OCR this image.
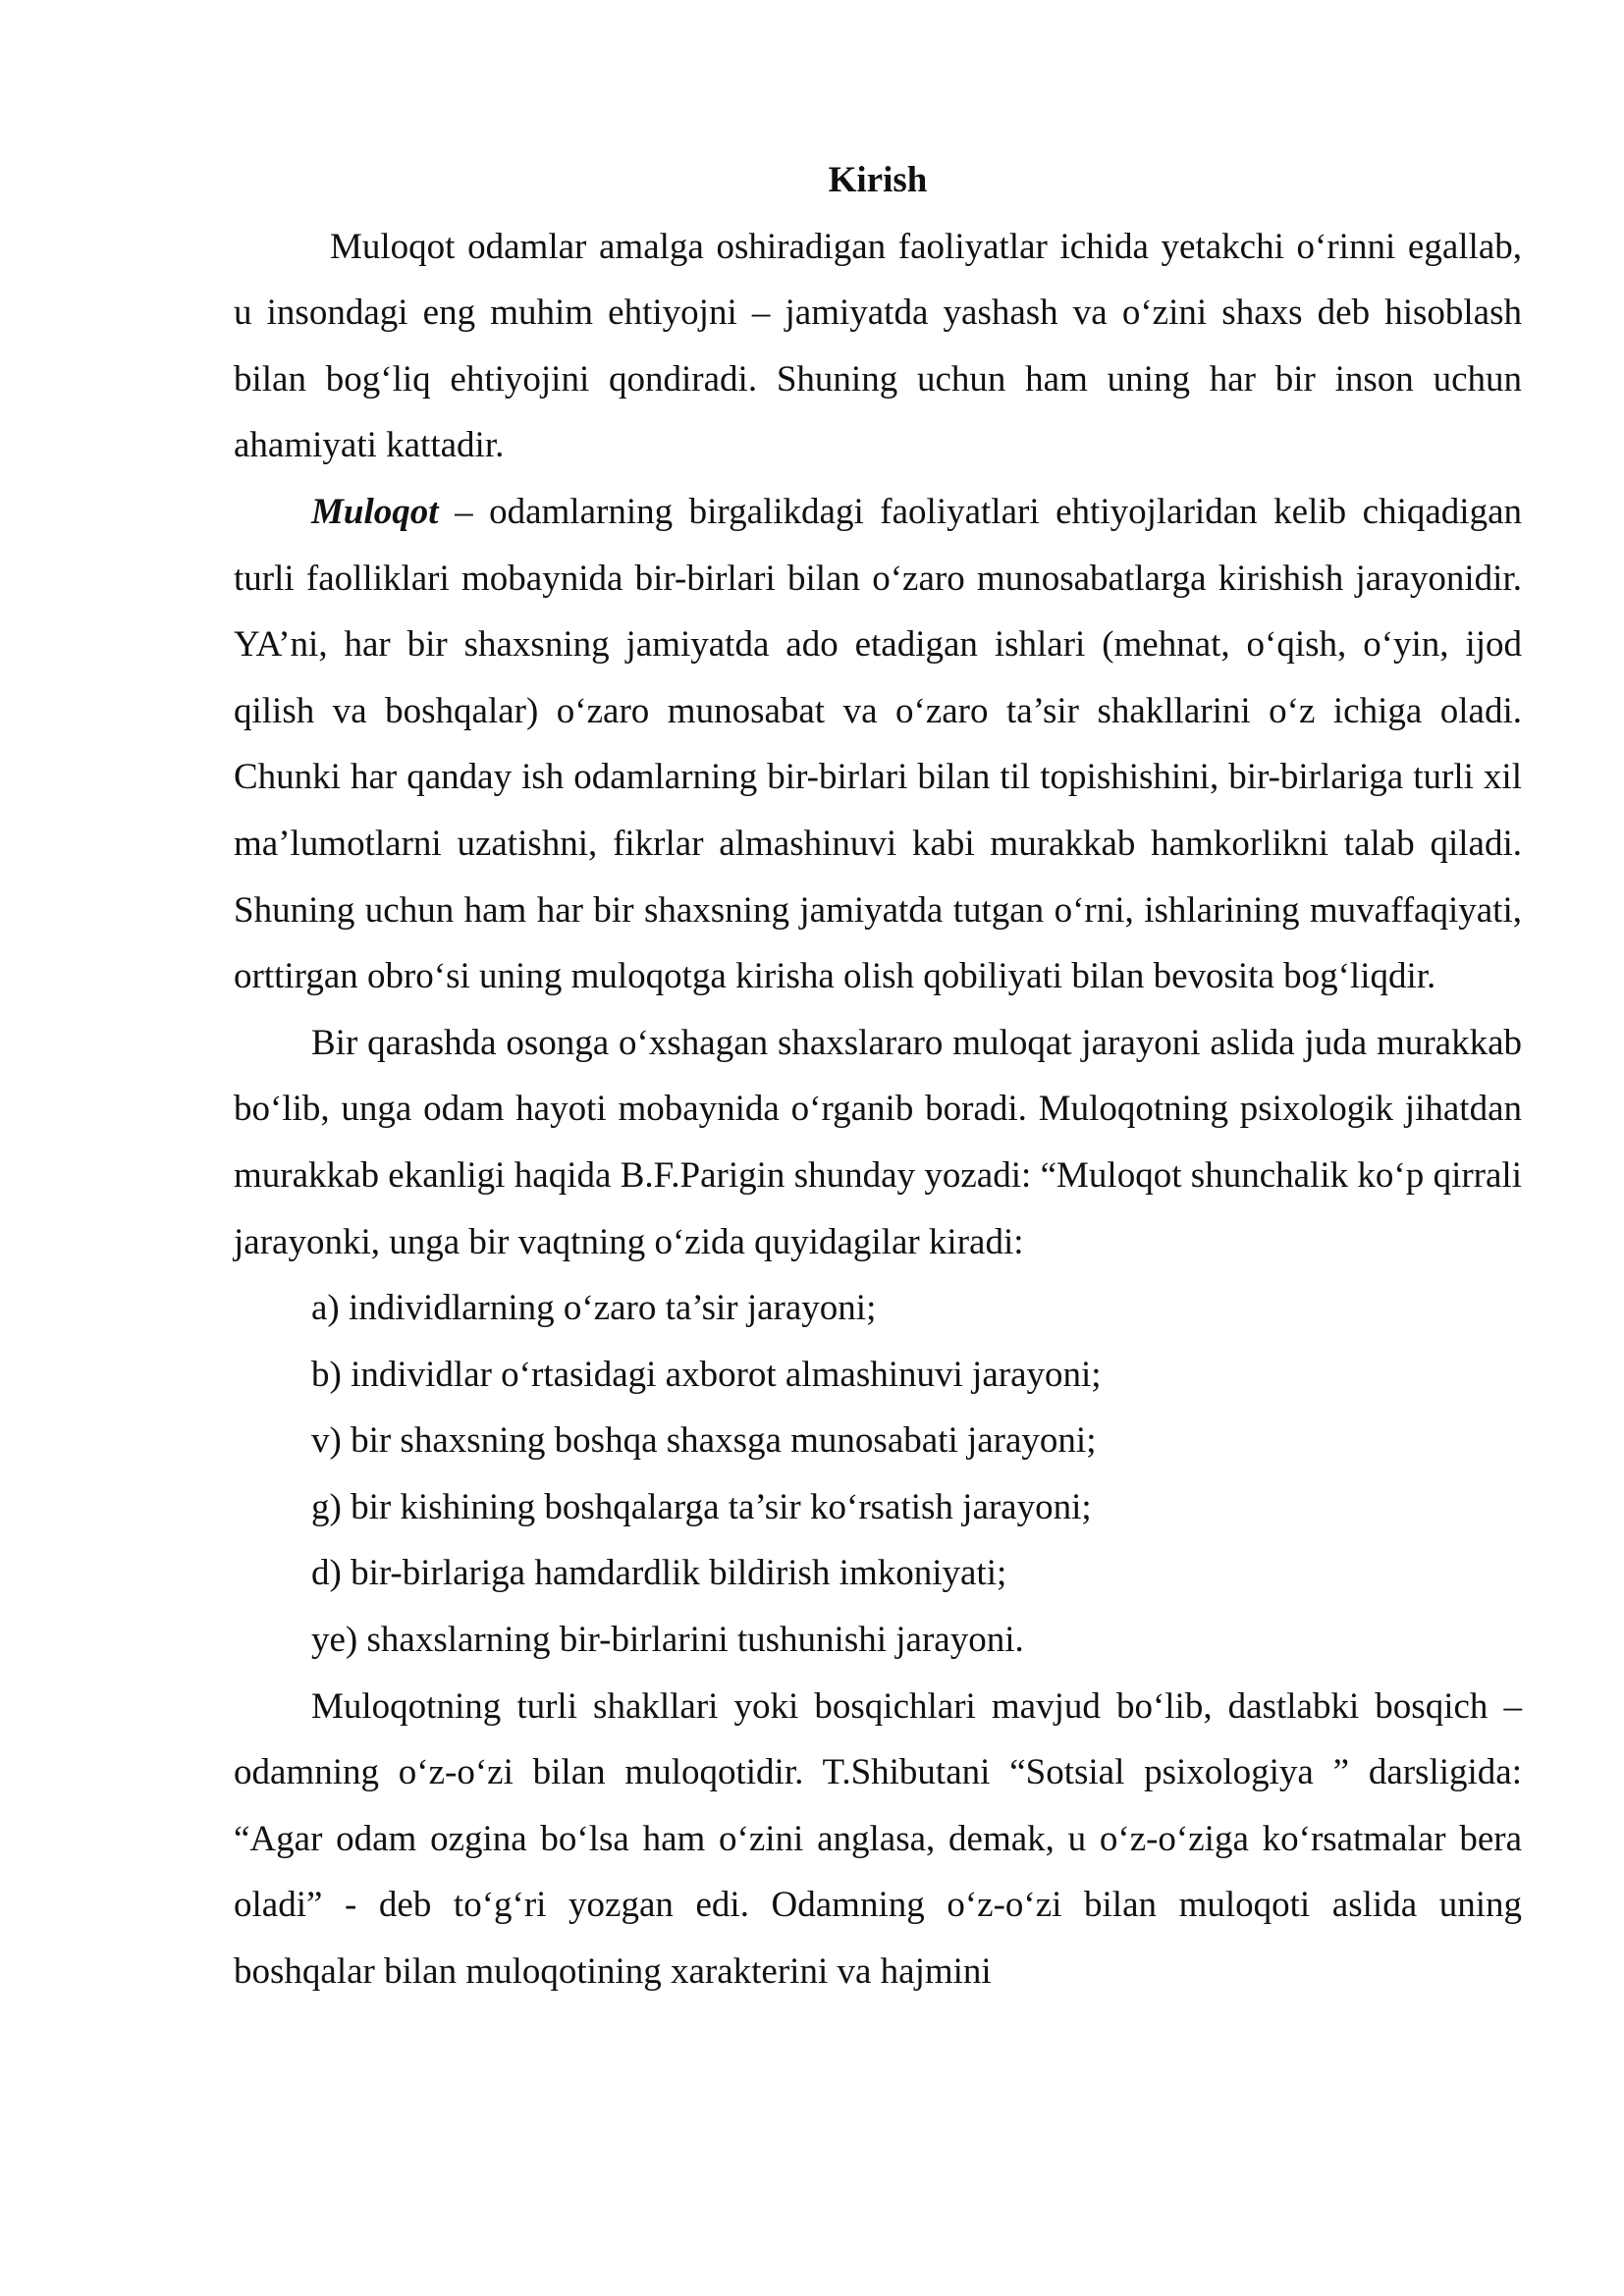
Kirish

Muloqot odamlar amalga oshiradigan faoliyatlar ichida yetakchi o‘rinni egallab, u insondagi eng muhim ehtiyojni – jamiyatda yashash va o‘zini shaxs deb hisoblash bilan bog‘liq ehtiyojini qondiradi. Shuning uchun ham uning har bir inson uchun ahamiyati kattadir.

Muloqot – odamlarning birgalikdagi faoliyatlari ehtiyojlaridan kelib chiqadigan turli faolliklari mobaynida bir-birlari bilan o‘zaro munosabatlarga kirishish jarayonidir. YA’ni, har bir shaxsning jamiyatda ado etadigan ishlari (mehnat, o‘qish, o‘yin, ijod qilish va boshqalar) o‘zaro munosabat va o‘zaro ta’sir shakllarini o‘z ichiga oladi. Chunki har qanday ish odamlarning bir-birlari bilan til topishishini, bir-birlariga turli xil ma’lumotlarni uzatishni, fikrlar almashinuvi kabi murakkab hamkorlikni talab qiladi. Shuning uchun ham har bir shaxsning jamiyatda tutgan o‘rni, ishlarining muvaffaqiyati, orttirgan obro‘si uning muloqotga kirisha olish qobiliyati bilan bevosita bog‘liqdir.

Bir qarashda osonga o‘xshagan shaxslararo muloqat jarayoni aslida juda murakkab bo‘lib, unga odam hayoti mobaynida o‘rganib boradi. Muloqotning psixologik jihatdan murakkab ekanligi haqida B.F.Parigin shunday yozadi: “Muloqot shunchalik ko‘p qirrali jarayonki, unga bir vaqtning o‘zida quyidagilar kiradi:

a) individlarning o‘zaro ta’sir jarayoni;
b) individlar o‘rtasidagi axborot almashinuvi jarayoni;
v) bir shaxsning boshqa shaxsga munosabati jarayoni;
g) bir kishining boshqalarga ta’sir ko‘rsatish jarayoni;
d) bir-birlariga hamdardlik bildirish imkoniyati;
ye) shaxslarning bir-birlarini tushunishi jarayoni.

Muloqotning turli shakllari yoki bosqichlari mavjud bo‘lib, dastlabki bosqich – odamning o‘z-o‘zi bilan muloqotidir. T.Shibutani “Sotsial psixologiya ” darsligida: “Agar odam ozgina bo‘lsa ham o‘zini anglasa, demak, u o‘z-o‘ziga ko‘rsatmalar bera oladi” - deb to‘g‘ri yozgan edi. Odamning o‘z-o‘zi bilan muloqoti aslida uning boshqalar bilan muloqotining xarakterini va hajmini
